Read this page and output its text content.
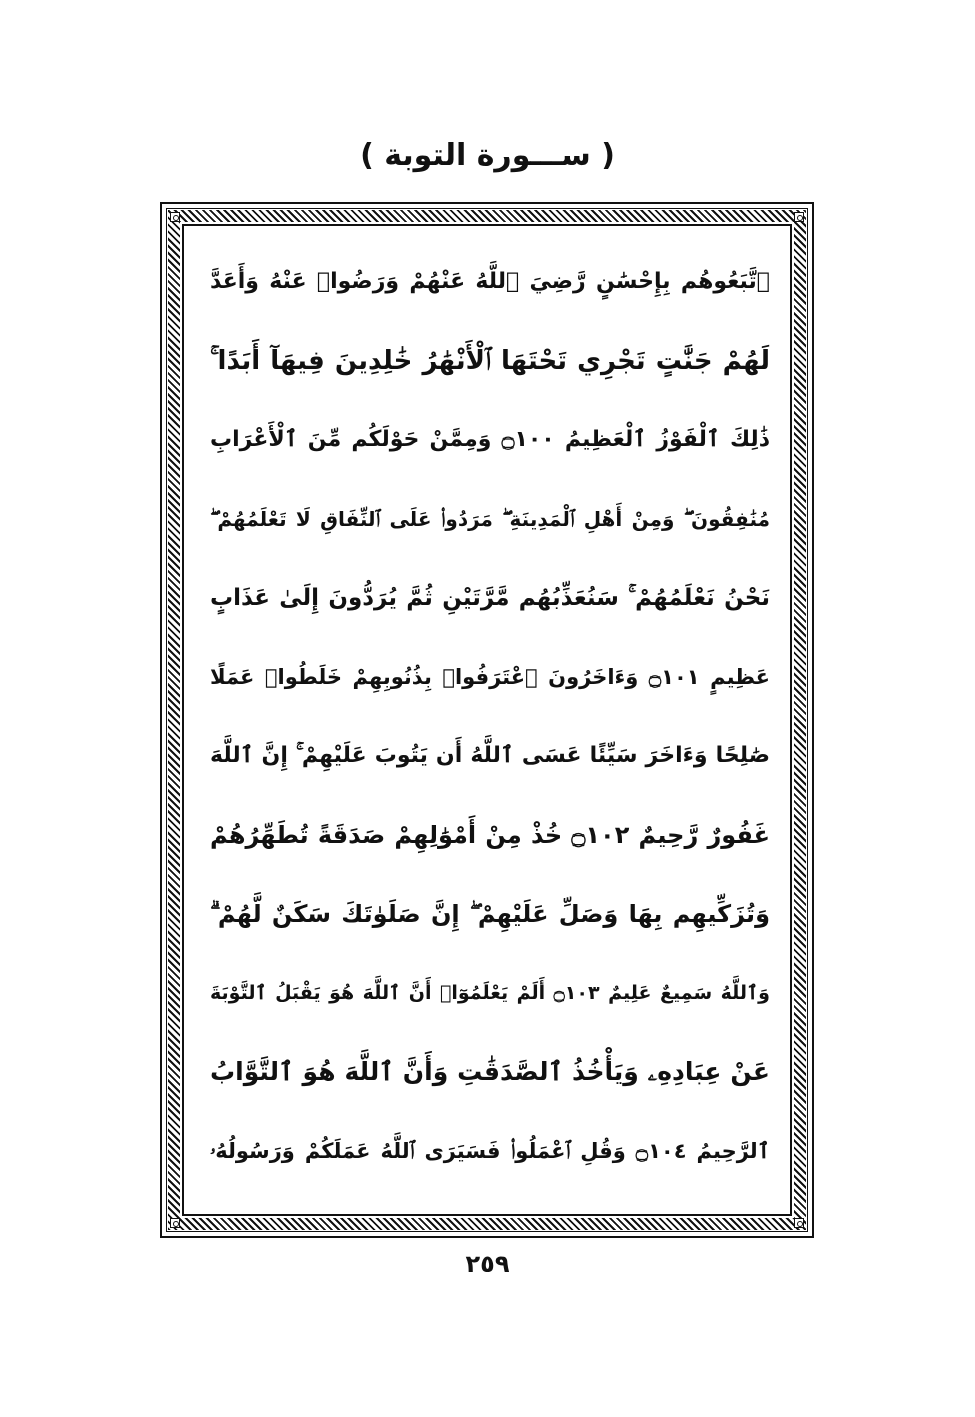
( ســـورة التوبة )
ٱتَّبَعُوهُم بِإِحْسَٰنٍ رَّضِيَ ٱللَّهُ عَنْهُمْ وَرَضُوا۟ عَنْهُ وَأَعَدَّ
لَهُمْ جَنَّٰتٍ تَجْرِي تَحْتَهَا ٱلْأَنْهَٰرُ خَٰلِدِينَ فِيهَآ أَبَدًا ۚ
ذَٰلِكَ ٱلْفَوْزُ ٱلْعَظِيمُ ۝١٠٠ وَمِمَّنْ حَوْلَكُم مِّنَ ٱلْأَعْرَابِ
مُنَٰفِقُونَ ۖ وَمِنْ أَهْلِ ٱلْمَدِينَةِ ۖ مَرَدُوا۟ عَلَى ٱلنِّفَاقِ لَا تَعْلَمُهُمْ ۖ
نَحْنُ نَعْلَمُهُمْ ۚ سَنُعَذِّبُهُم مَّرَّتَيْنِ ثُمَّ يُرَدُّونَ إِلَىٰ عَذَابٍ
عَظِيمٍ ۝١٠١ وَءَاخَرُونَ ٱعْتَرَفُوا۟ بِذُنُوبِهِمْ خَلَطُوا۟ عَمَلًا
صَٰلِحًا وَءَاخَرَ سَيِّئًا عَسَى ٱللَّهُ أَن يَتُوبَ عَلَيْهِمْ ۚ إِنَّ ٱللَّهَ
غَفُورٌ رَّحِيمٌ ۝١٠٢ خُذْ مِنْ أَمْوَٰلِهِمْ صَدَقَةً تُطَهِّرُهُمْ
وَتُزَكِّيهِم بِهَا وَصَلِّ عَلَيْهِمْ ۖ إِنَّ صَلَوٰتَكَ سَكَنٌ لَّهُمْ ۗ
وَٱللَّهُ سَمِيعٌ عَلِيمٌ ۝١٠٣ أَلَمْ يَعْلَمُوٓا۟ أَنَّ ٱللَّهَ هُوَ يَقْبَلُ ٱلتَّوْبَةَ
عَنْ عِبَادِهِۦ وَيَأْخُذُ ٱلصَّدَقَٰتِ وَأَنَّ ٱللَّهَ هُوَ ٱلتَّوَّابُ
ٱلرَّحِيمُ ۝١٠٤ وَقُلِ ٱعْمَلُوا۟ فَسَيَرَى ٱللَّهُ عَمَلَكُمْ وَرَسُولُهُۥ
٢٥٩
